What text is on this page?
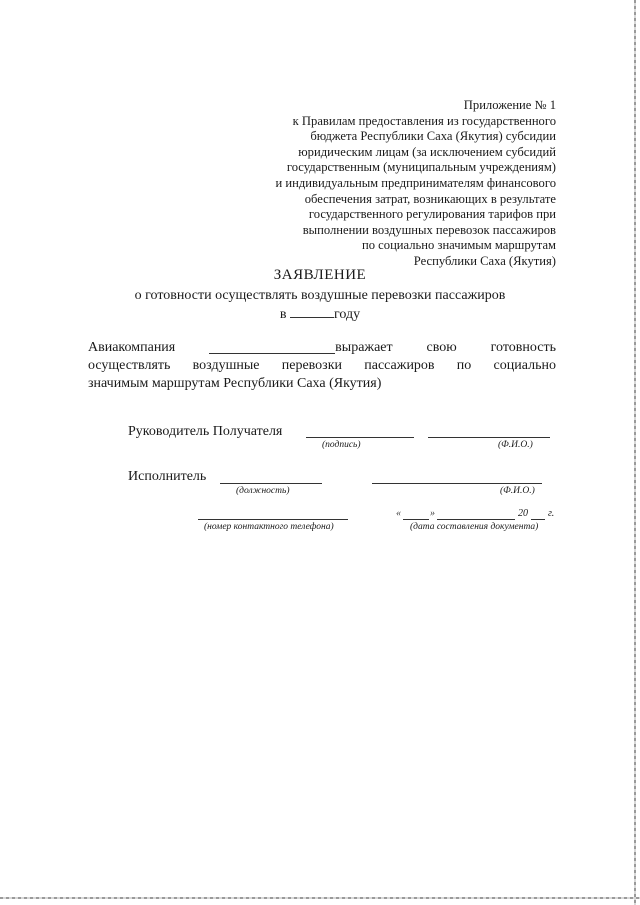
Приложение № 1
к Правилам предоставления из государственного
бюджета Республики Саха (Якутия) субсидии
юридическим лицам (за исключением субсидий
государственным (муниципальным учреждениям)
и индивидуальным предпринимателям финансового
обеспечения затрат, возникающих в результате
государственного регулирования тарифов при
выполнении воздушных перевозок пассажиров
по социально значимым маршрутам
Республики Саха (Якутия)
ЗАЯВЛЕНИЕ
о готовности осуществлять воздушные перевозки пассажиров
в	году
Авиакомпания	выражает свою готовность
осуществлять воздушные перевозки пассажиров по социально
значимым маршрутам Республики Саха (Якутия)
Руководитель Получателя
(подпись)	(Ф.И.О.)
Исполнитель
(должность)	(Ф.И.О.)
(номер контактного телефона)
«	»	20 г.
(дата составления документа)
